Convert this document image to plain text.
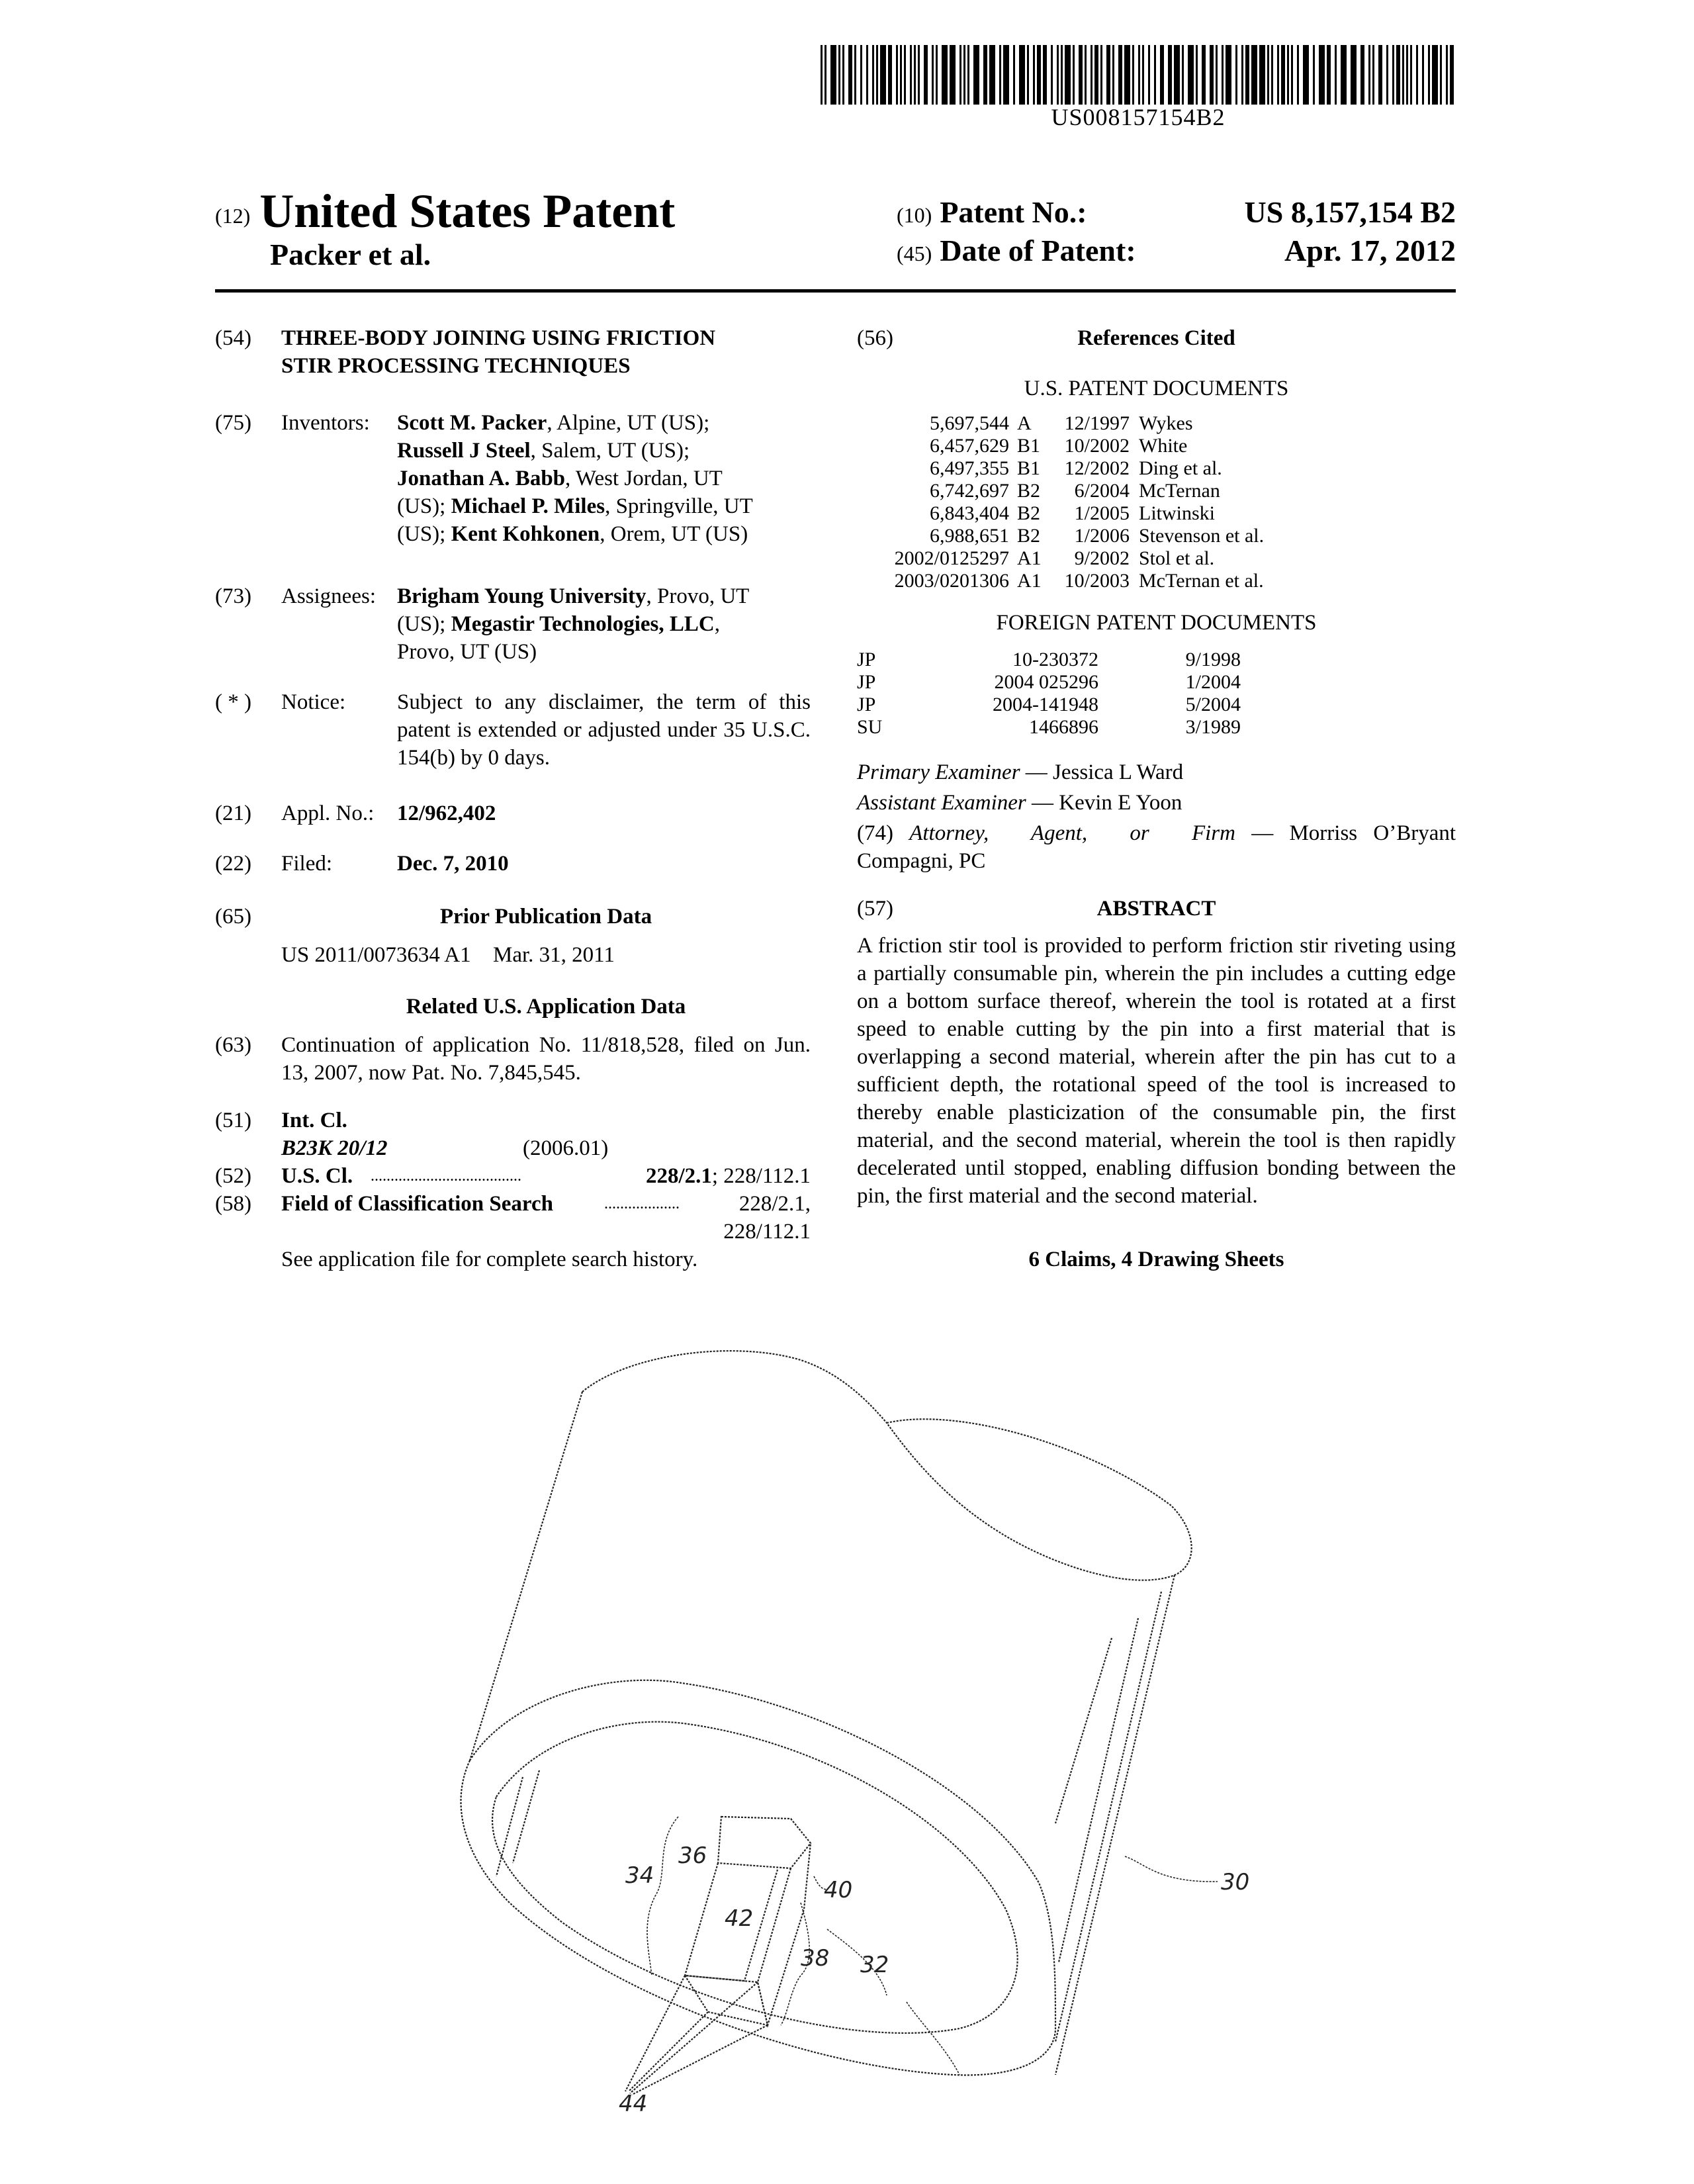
US008157154B2
(12) United States Patent
Packer et al.
(10) Patent No.:	US 8,157,154 B2
(45) Date of Patent:	Apr. 17, 2012
(54) THREE-BODY JOINING USING FRICTION
STIR PROCESSING TECHNIQUES
(75) Inventors: Scott M. Packer, Alpine, UT (US);
Russell J Steel, Salem, UT (US);
Jonathan A. Babb, West Jordan, UT
(US); Michael P. Miles, Springville, UT
(US); Kent Kohkonen, Orem, UT (US)
(73) Assignees: Brigham Young University, Provo, UT
(US); Megastir Technologies, LLC,
Provo, UT (US)
( * ) Notice: Subject to any disclaimer, the term of this patent is extended or adjusted under 35 U.S.C. 154(b) by 0 days.
(21) Appl. No.: 12/962,402
(22) Filed:	Dec. 7, 2010
(65)	Prior Publication Data
US 2011/0073634 A1 Mar. 31, 2011
Related U.S. Application Data
(63) Continuation of application No. 11/818,528, filed on Jun. 13, 2007, now Pat. No. 7,845,545.
(51) Int. Cl.
B23K 20/12	(2006.01)
(52) U.S. Cl. ......................................	228/2.1; 228/112.1
(58) Field of Classification Search	...................	228/2.1,
228/112.1
See application file for complete search history.
(56)	References Cited
U.S. PATENT DOCUMENTS
5,697,544	A	12/1997	Wykes
6,457,629	B1	10/2002	White
6,497,355	B1	12/2002	Ding et al.
6,742,697	B2	6/2004	McTernan
6,843,404	B2	1/2005	Litwinski
6,988,651	B2	1/2006	Stevenson et al.
2002/0125297	A1	9/2002	Stol et al.
2003/0201306	A1	10/2003	McTernan et al.
FOREIGN PATENT DOCUMENTS
JP	10-230372	9/1998
JP	2004 025296	1/2004
JP	2004-141948	5/2004
SU	1466896	3/1989
Primary Examiner — Jessica L Ward
Assistant Examiner — Kevin E Yoon
(74) Attorney, Agent, or Firm — Morriss O’Bryant Compagni, PC
(57)	ABSTRACT
A friction stir tool is provided to perform friction stir riveting using a partially consumable pin, wherein the pin includes a cutting edge on a bottom surface thereof, wherein the tool is rotated at a first speed to enable cutting by the pin into a first material that is overlapping a second material, wherein after the pin has cut to a sufficient depth, the rotational speed of the tool is increased to thereby enable plasticization of the consumable pin, the first material, and the second material, wherein the tool is then rapidly decelerated until stopped, enabling diffusion bonding between the pin, the first material and the second material.
6 Claims, 4 Drawing Sheets
30
32
34
36
38
40
42
44
